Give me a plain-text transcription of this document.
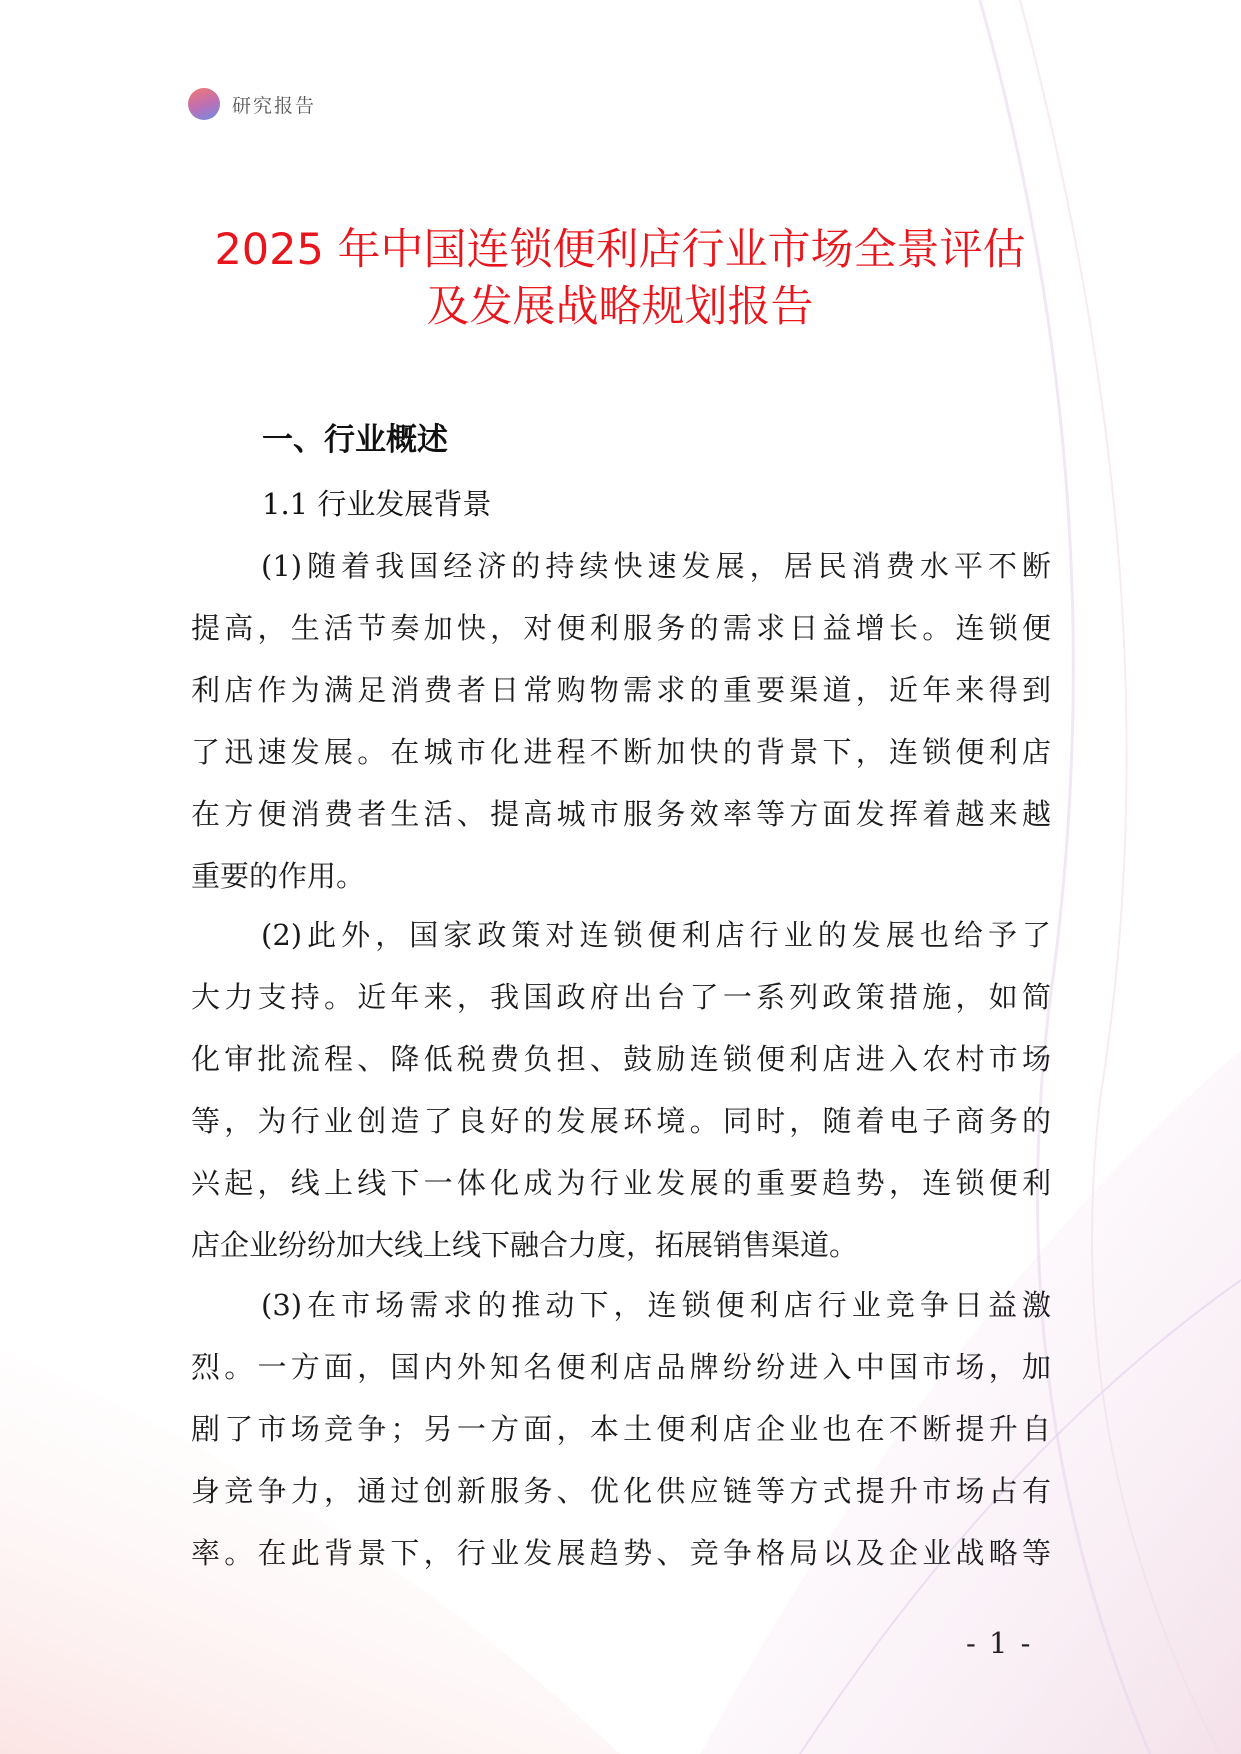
研究报告
2025 年中国连锁便利店行业市场全景评估
及发展战略规划报告
一、行业概述
1.1 行业发展背景
(1)随着我国经济的持续快速发展，居民消费水平不断
提高，生活节奏加快，对便利服务的需求日益增长。连锁便
利店作为满足消费者日常购物需求的重要渠道，近年来得到
了迅速发展。在城市化进程不断加快的背景下，连锁便利店
在方便消费者生活、提高城市服务效率等方面发挥着越来越
重要的作用。
(2)此外，国家政策对连锁便利店行业的发展也给予了
大力支持。近年来，我国政府出台了一系列政策措施，如简
化审批流程、降低税费负担、鼓励连锁便利店进入农村市场
等，为行业创造了良好的发展环境。同时，随着电子商务的
兴起，线上线下一体化成为行业发展的重要趋势，连锁便利
店企业纷纷加大线上线下融合力度，拓展销售渠道。
(3)在市场需求的推动下，连锁便利店行业竞争日益激
烈。一方面，国内外知名便利店品牌纷纷进入中国市场，加
剧了市场竞争；另一方面，本土便利店企业也在不断提升自
身竞争力，通过创新服务、优化供应链等方式提升市场占有
率。在此背景下，行业发展趋势、竞争格局以及企业战略等
- 1 -
